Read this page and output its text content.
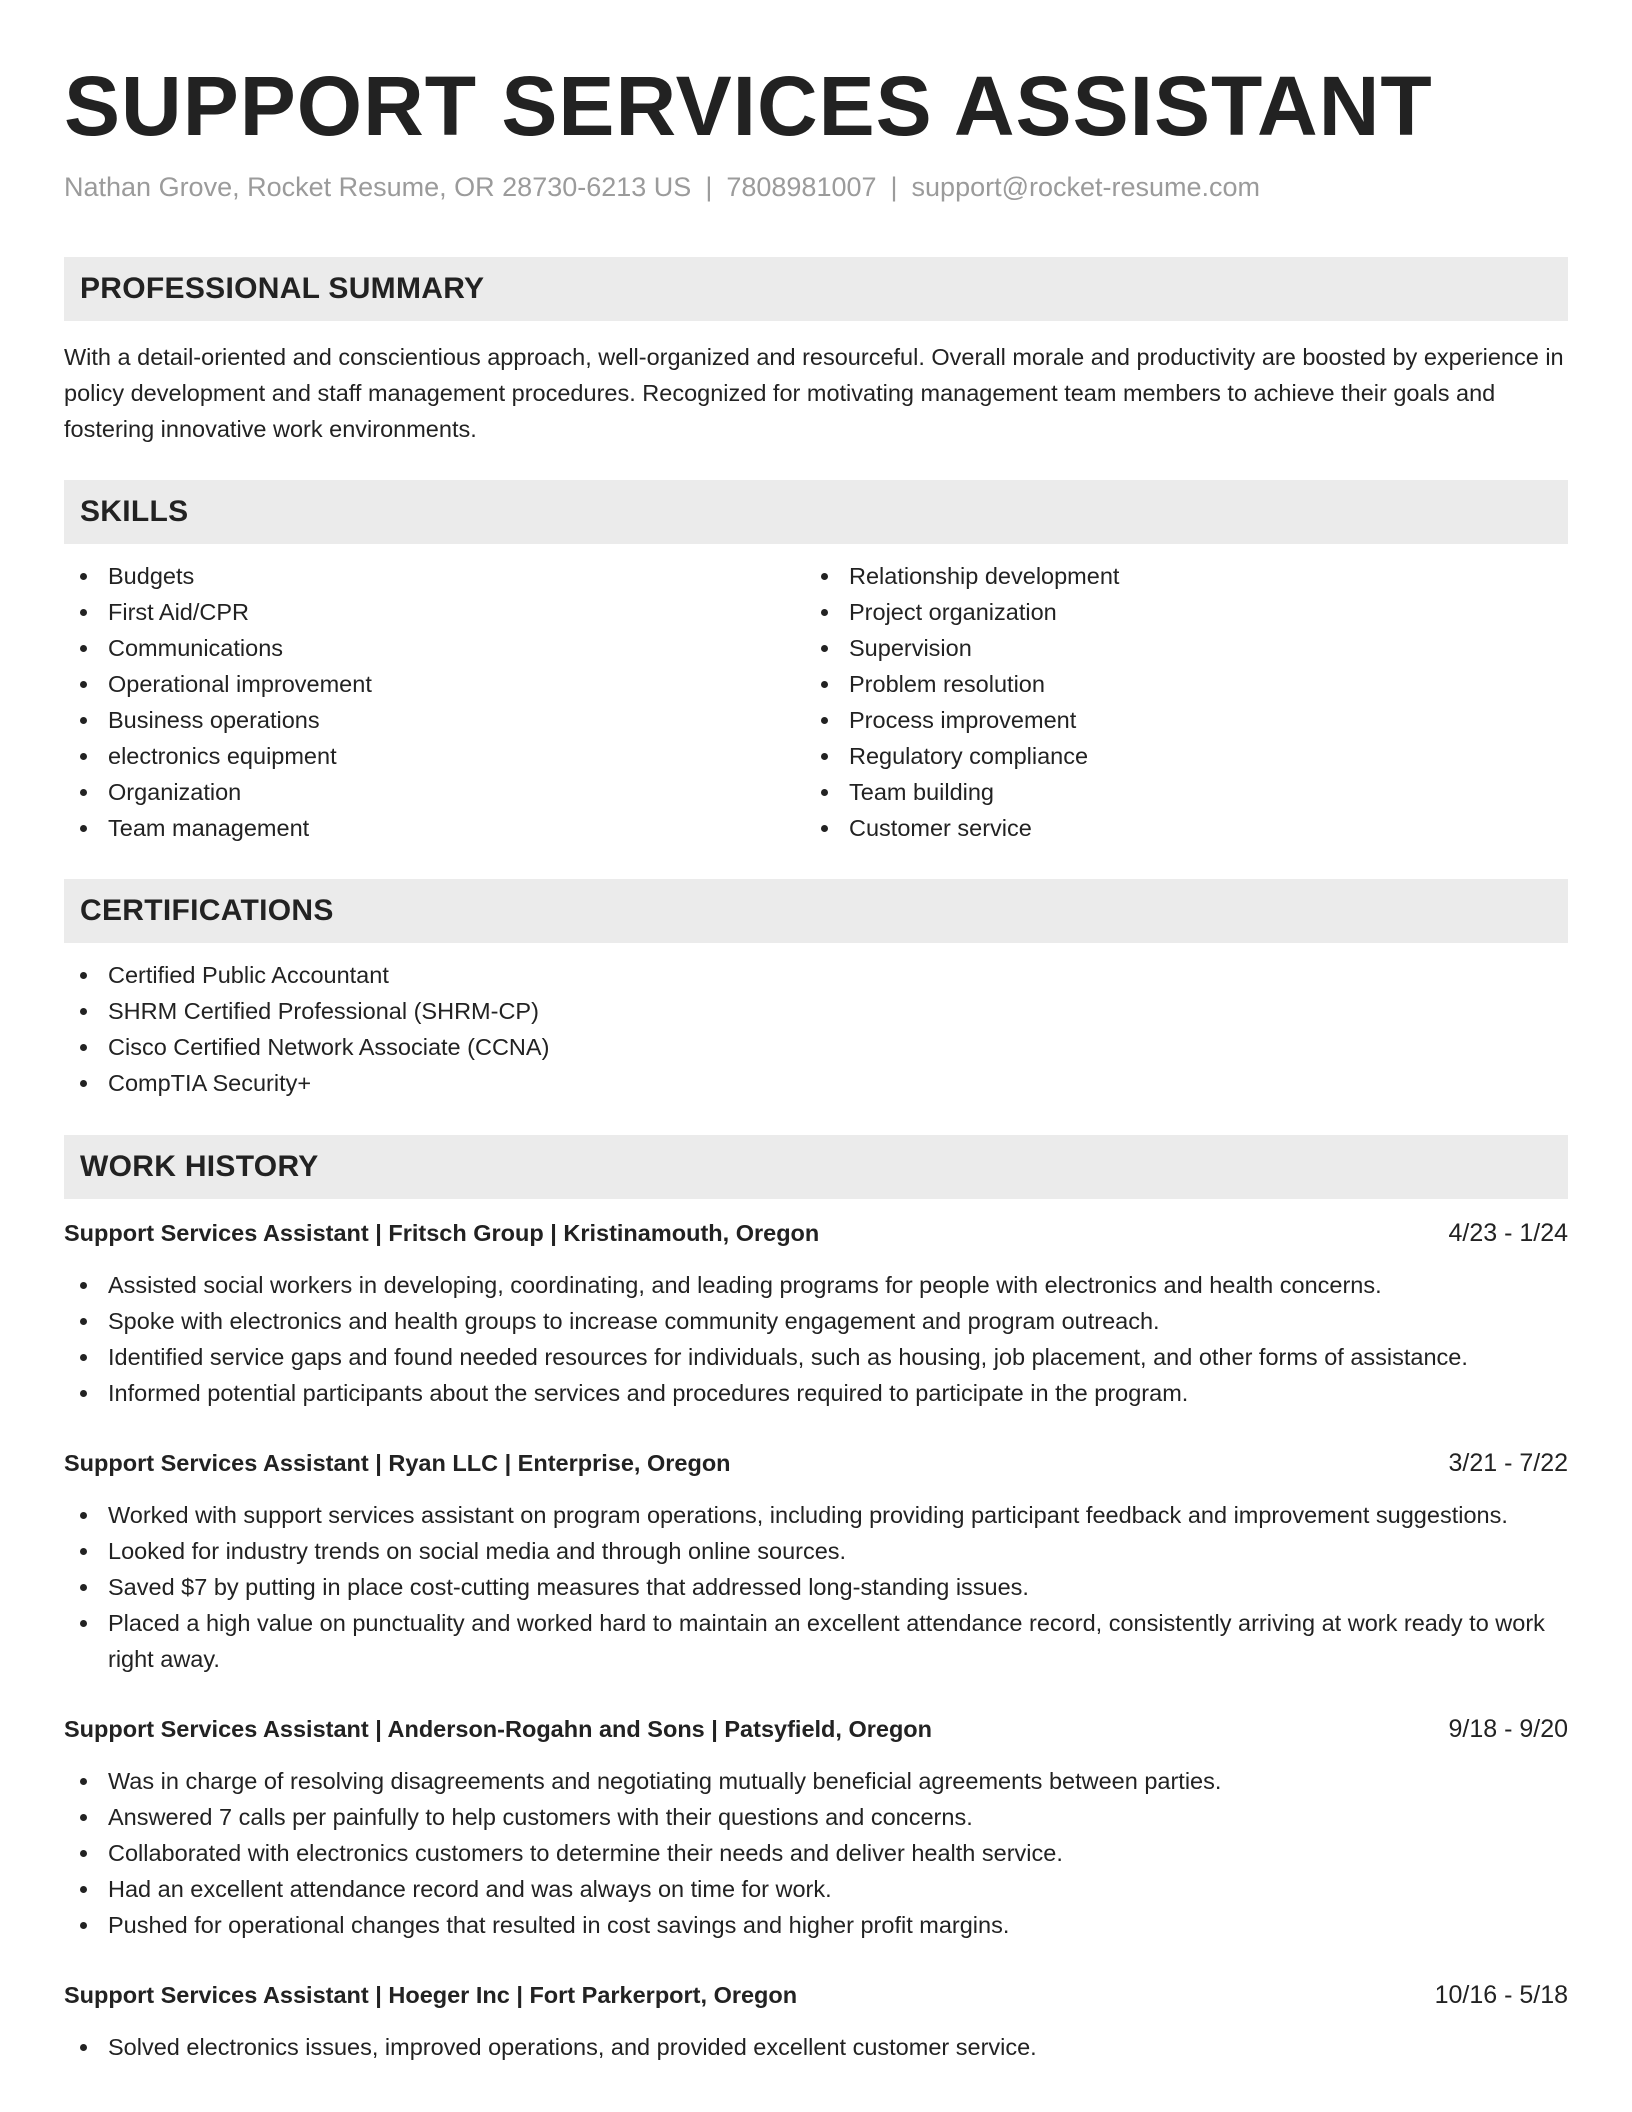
SUPPORT SERVICES ASSISTANT
Nathan Grove, Rocket Resume, OR 28730-6213 US | 7808981007 | support@rocket-resume.com
PROFESSIONAL SUMMARY

With a detail-oriented and conscientious approach, well-organized and resourceful. Overall morale and productivity are boosted by experience in policy development and staff management procedures. Recognized for motivating management team members to achieve their goals and fostering innovative work environments.

SKILLS
Budgets
First Aid/CPR
Communications
Operational improvement
Business operations
electronics equipment
Organization
Team management
Relationship development
Project organization
Supervision
Problem resolution
Process improvement
Regulatory compliance
Team building
Customer service
CERTIFICATIONS
Certified Public Accountant
SHRM Certified Professional (SHRM-CP)
Cisco Certified Network Associate (CCNA)
CompTIA Security+
WORK HISTORY
Support Services Assistant | Fritsch Group | Kristinamouth, Oregon	4/23 - 1/24
Assisted social workers in developing, coordinating, and leading programs for people with electronics and health concerns.
Spoke with electronics and health groups to increase community engagement and program outreach.
Identified service gaps and found needed resources for individuals, such as housing, job placement, and other forms of assistance.
Informed potential participants about the services and procedures required to participate in the program.
Support Services Assistant | Ryan LLC | Enterprise, Oregon	3/21 - 7/22
Worked with support services assistant on program operations, including providing participant feedback and improvement suggestions.
Looked for industry trends on social media and through online sources.
Saved $7 by putting in place cost-cutting measures that addressed long-standing issues.
Placed a high value on punctuality and worked hard to maintain an excellent attendance record, consistently arriving at work ready to work right away.
Support Services Assistant | Anderson-Rogahn and Sons | Patsyfield, Oregon	9/18 - 9/20
Was in charge of resolving disagreements and negotiating mutually beneficial agreements between parties.
Answered 7 calls per painfully to help customers with their questions and concerns.
Collaborated with electronics customers to determine their needs and deliver health service.
Had an excellent attendance record and was always on time for work.
Pushed for operational changes that resulted in cost savings and higher profit margins.
Support Services Assistant | Hoeger Inc | Fort Parkerport, Oregon	10/16 - 5/18
Solved electronics issues, improved operations, and provided excellent customer service.
